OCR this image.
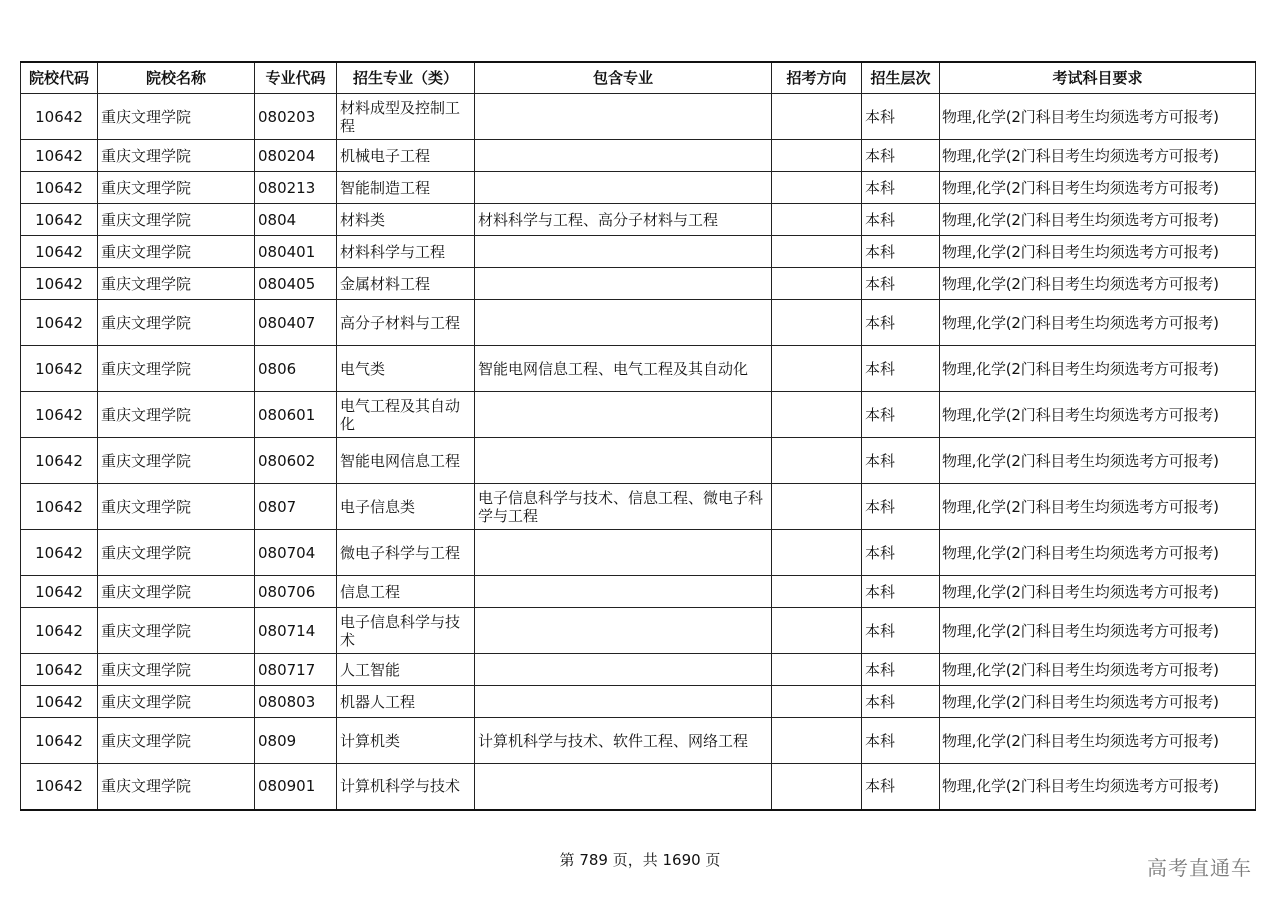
院校代码	院校名称	专业代码	招生专业（类）	包含专业	招考方向	招生层次	考试科目要求
10642	重庆文理学院	080203	材料成型及控制工程			本科	物理,化学(2门科目考生均须选考方可报考)
10642	重庆文理学院	080204	机械电子工程			本科	物理,化学(2门科目考生均须选考方可报考)
10642	重庆文理学院	080213	智能制造工程			本科	物理,化学(2门科目考生均须选考方可报考)
10642	重庆文理学院	0804	材料类	材料科学与工程、高分子材料与工程		本科	物理,化学(2门科目考生均须选考方可报考)
10642	重庆文理学院	080401	材料科学与工程			本科	物理,化学(2门科目考生均须选考方可报考)
10642	重庆文理学院	080405	金属材料工程			本科	物理,化学(2门科目考生均须选考方可报考)
10642	重庆文理学院	080407	高分子材料与工程			本科	物理,化学(2门科目考生均须选考方可报考)
10642	重庆文理学院	0806	电气类	智能电网信息工程、电气工程及其自动化		本科	物理,化学(2门科目考生均须选考方可报考)
10642	重庆文理学院	080601	电气工程及其自动化			本科	物理,化学(2门科目考生均须选考方可报考)
10642	重庆文理学院	080602	智能电网信息工程			本科	物理,化学(2门科目考生均须选考方可报考)
10642	重庆文理学院	0807	电子信息类	电子信息科学与技术、信息工程、微电子科学与工程		本科	物理,化学(2门科目考生均须选考方可报考)
10642	重庆文理学院	080704	微电子科学与工程			本科	物理,化学(2门科目考生均须选考方可报考)
10642	重庆文理学院	080706	信息工程			本科	物理,化学(2门科目考生均须选考方可报考)
10642	重庆文理学院	080714	电子信息科学与技术			本科	物理,化学(2门科目考生均须选考方可报考)
10642	重庆文理学院	080717	人工智能			本科	物理,化学(2门科目考生均须选考方可报考)
10642	重庆文理学院	080803	机器人工程			本科	物理,化学(2门科目考生均须选考方可报考)
10642	重庆文理学院	0809	计算机类	计算机科学与技术、软件工程、网络工程		本科	物理,化学(2门科目考生均须选考方可报考)
10642	重庆文理学院	080901	计算机科学与技术			本科	物理,化学(2门科目考生均须选考方可报考)
第 789 页，共 1690 页	高考直通车
